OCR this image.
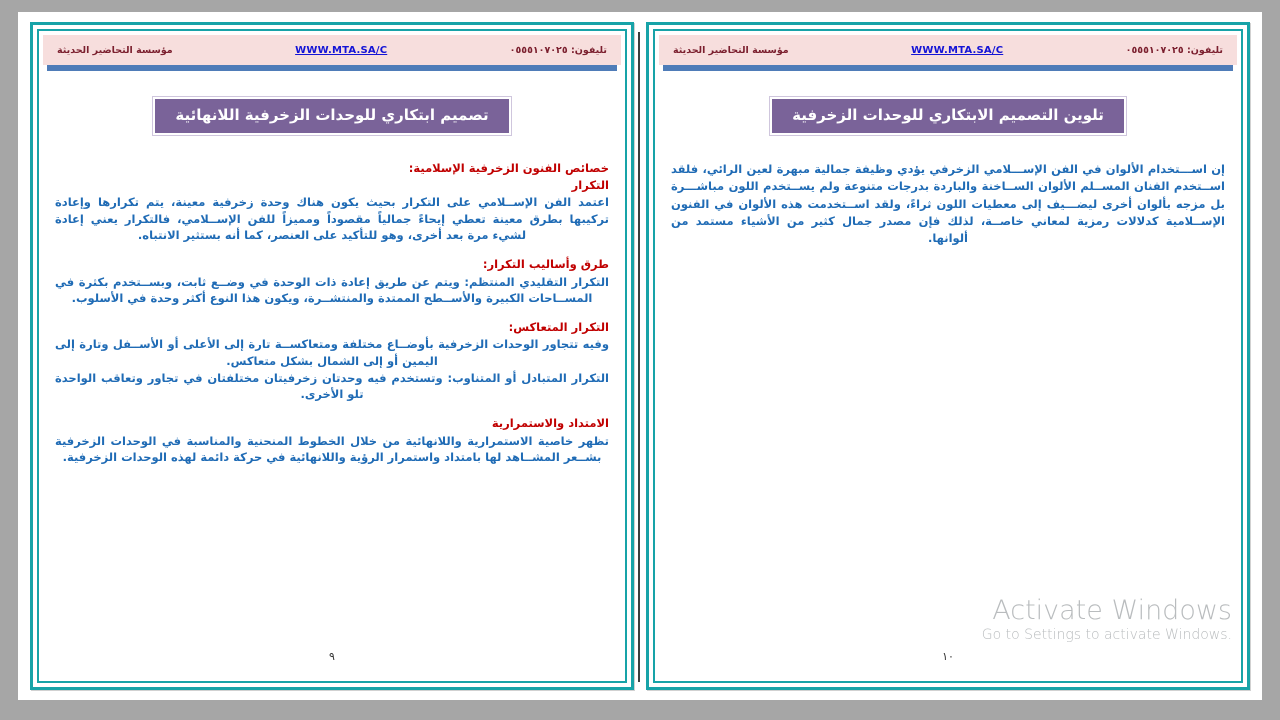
مؤسسة التحاضير الحديثة	WWW.MTA.SA/C	تليفون: ٠٥٥٥١٠٧٠٢٥
تصميم ابتكاري للوحدات الزخرفية اللانهائية

خصائص الفنون الزخرفية الإسلامية:

التكرار

اعتمد الفن الإســلامي على التكرار بحيث يكون هناك وحدة زخرفية معينة، يتم تكرارها وإعادة تركيبها بطرق معينة تعطي إيحاءً جمالياً مقصوداً ومميزاً للفن الإســلامي، فالتكرار يعني إعادة لشيء مرة بعد أخرى، وهو للتأكيد على العنصر، كما أنه بستثير الانتباه.

طرق وأساليب التكرار:

التكرار التقليدي المنتظم: ويتم عن طريق إعادة ذات الوحدة في وضــع ثابت، وبســتخدم بكثرة في المســاحات الكبيرة والأســطح الممتدة والمنتشــرة، ويكون هذا النوع أكثر وحدة في الأسلوب.

التكرار المتعاكس:

وفيه تتجاور الوحدات الزخرفية بأوضــاع مختلفة ومتعاكســة تارة إلى الأعلى أو الأســفل وتارة إلى اليمين أو إلى الشمال بشكل متعاكس.

التكرار المتبادل أو المتناوب: وتستخدم فيه وحدتان زخرفيتان مختلفتان في تجاور وتعاقب الواحدة تلو الأخرى.

الامتداد والاستمرارية

تظهر خاصية الاستمرارية واللانهائية من خلال الخطوط المنحنية والمناسبة في الوحدات الزخرفية بشــعر المشــاهد لها بامتداد واستمرار الرؤية واللانهائية في حركة دائمة لهذه الوحدات الزخرفية.

٩
مؤسسة التحاضير الحديثة	WWW.MTA.SA/C	تليفون: ٠٥٥٥١٠٧٠٢٥
تلوين التصميم الابتكاري للوحدات الزخرفية

إن اســـتخدام الألوان في الفن الإســـلامي الزخرفي يؤدي وظيفة جمالية مبهرة لعين الرائي، فلقد اســتخدم الفنان المســلم الألوان الســاخنة والباردة بدرجات متنوعة ولم يســتخدم اللون مباشـــرة بل مزجه بألوان أخرى ليضـــيف إلى معطيات اللون ثراءً، ولقد اســتخدمت هذه الألوان في الفنون الإســلامية كدلالات رمزية لمعاني خاصــة، لذلك فإن مصدر جمال كثير من الأشياء مستمد من ألوانها.

١٠
Activate Windows
Go to Settings to activate Windows.
